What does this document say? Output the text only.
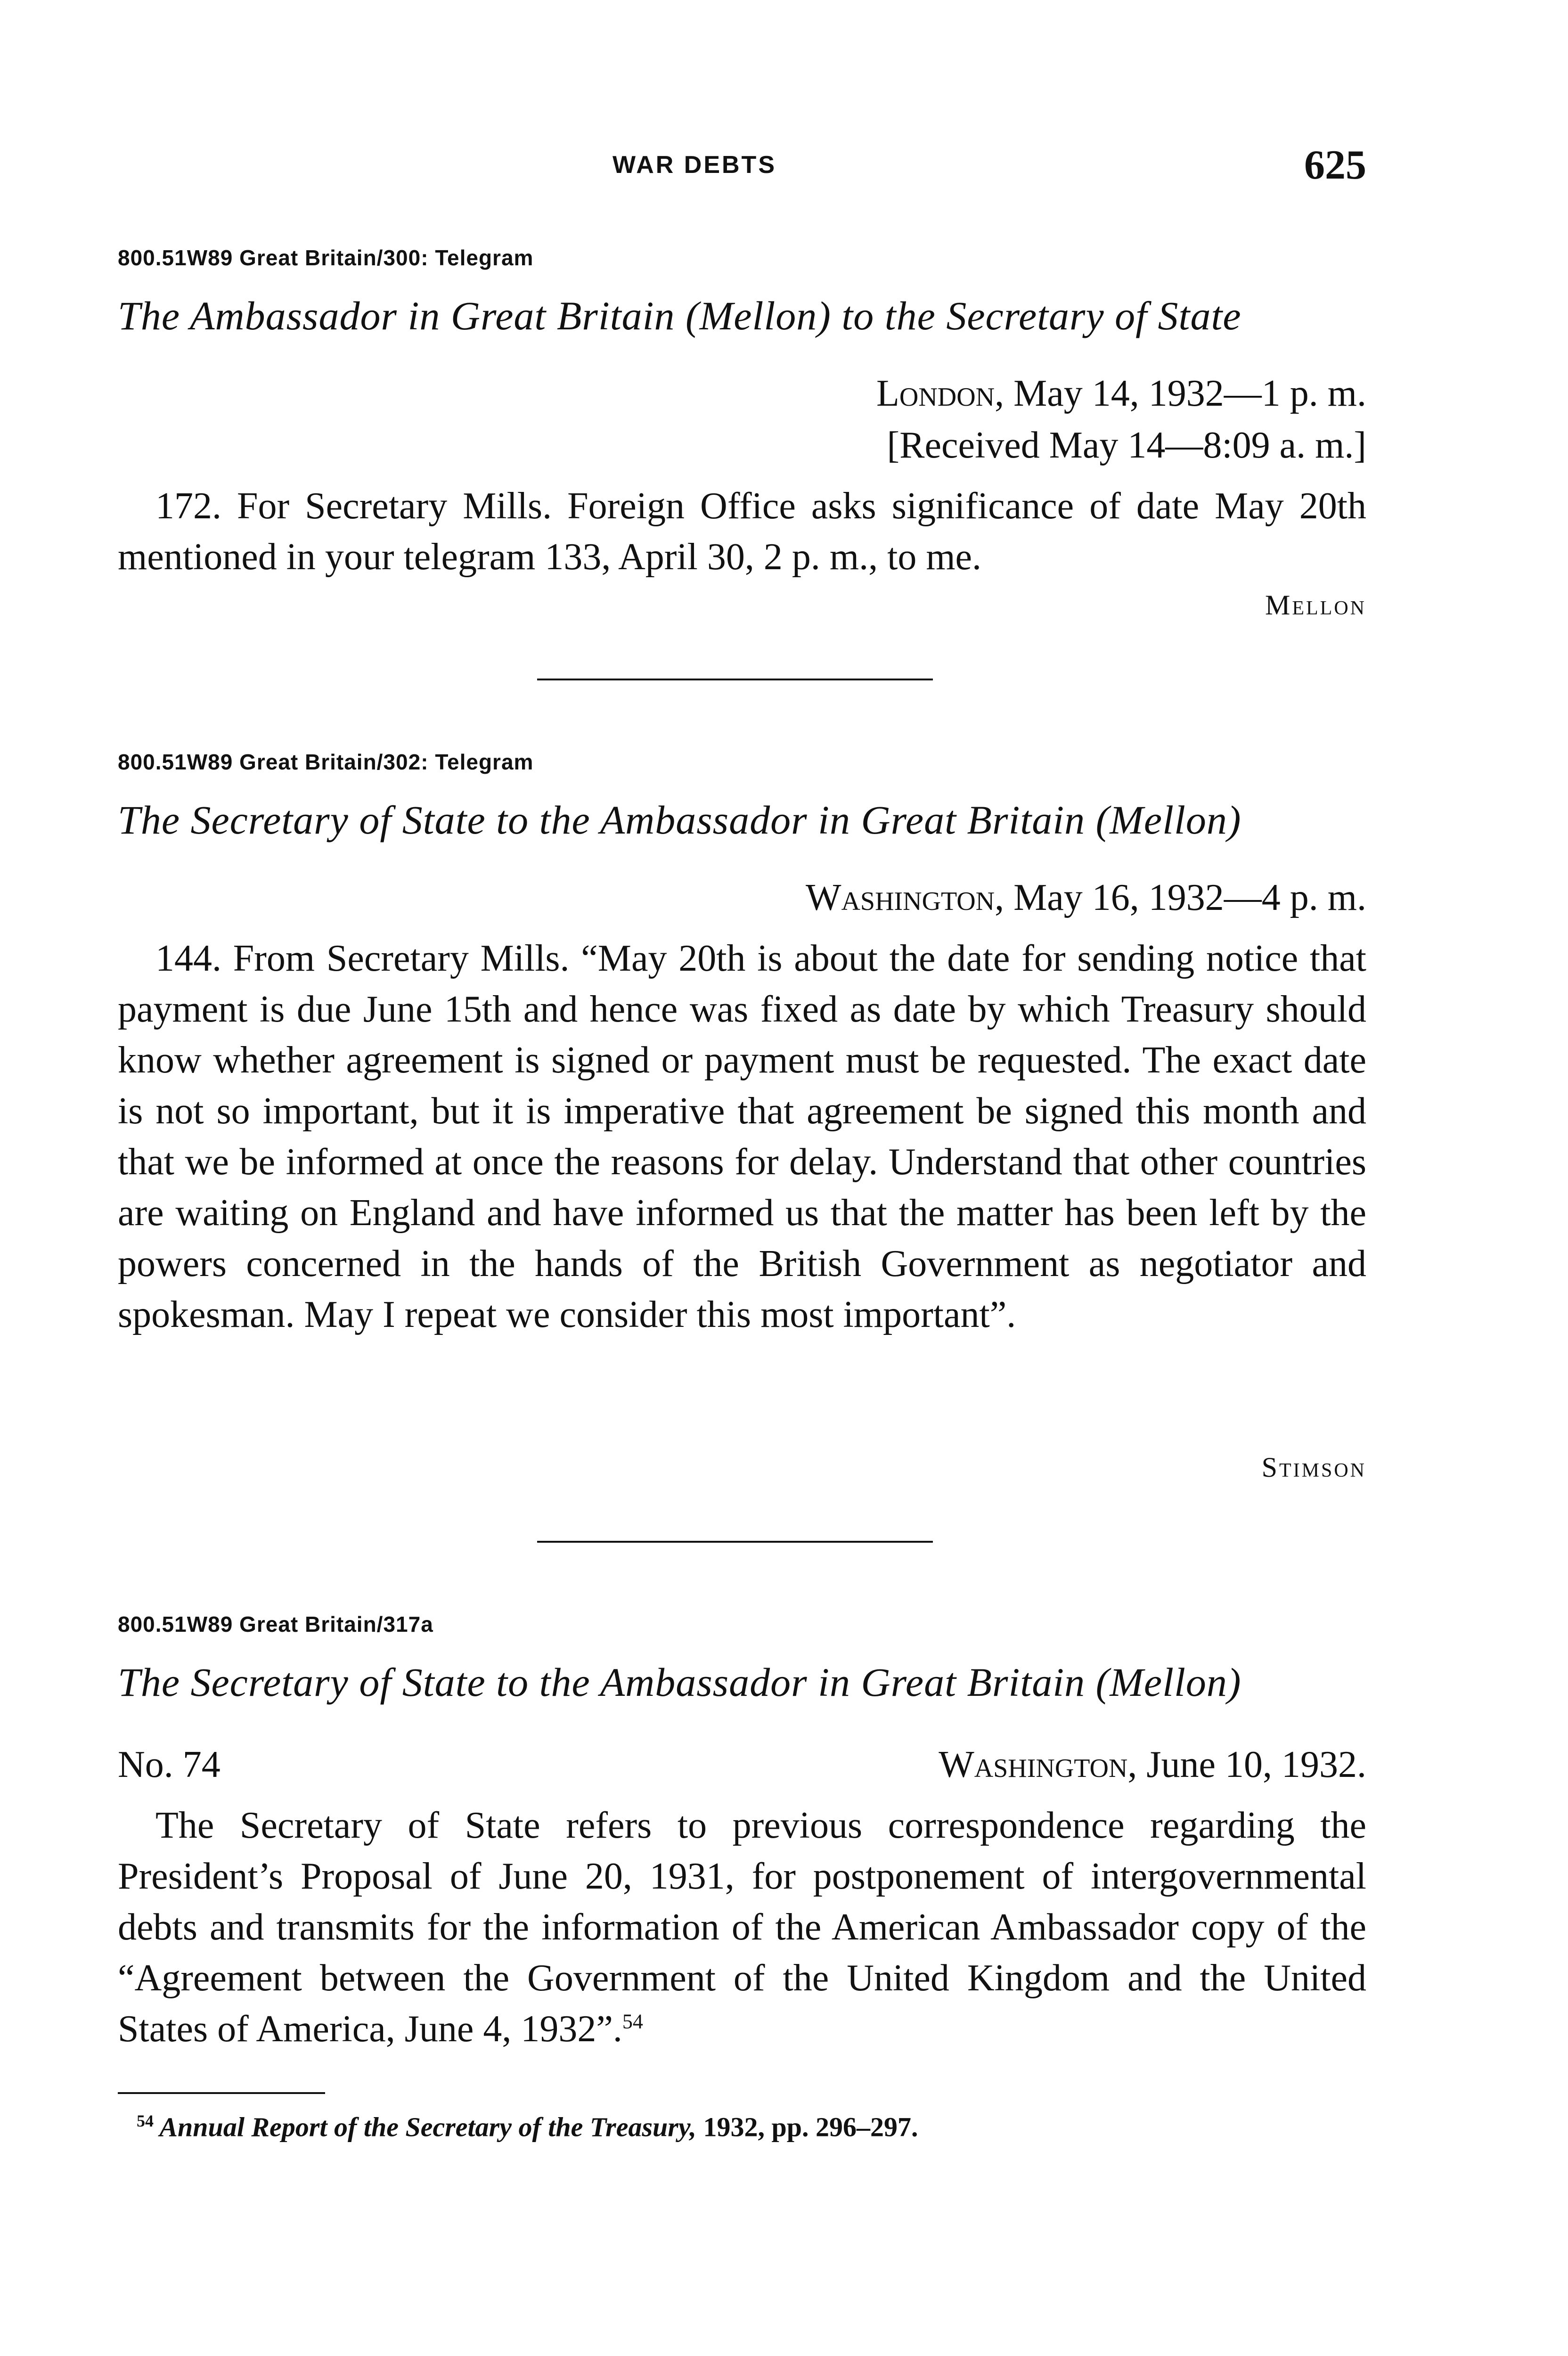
WAR DEBTS	625
800.51W89 Great Britain/300: Telegram
The Ambassador in Great Britain (Mellon) to the Secretary of State
London, May 14, 1932—1 p. m.
[Received May 14—8:09 a. m.]

172. For Secretary Mills. Foreign Office asks significance of date May 20th mentioned in your telegram 133, April 30, 2 p. m., to me.

Mellon
800.51W89 Great Britain/302: Telegram
The Secretary of State to the Ambassador in Great Britain (Mellon)
Washington, May 16, 1932—4 p. m.

144. From Secretary Mills. “May 20th is about the date for sending notice that payment is due June 15th and hence was fixed as date by which Treasury should know whether agreement is signed or payment must be requested. The exact date is not so important, but it is imperative that agreement be signed this month and that we be informed at once the reasons for delay. Understand that other countries are waiting on England and have informed us that the matter has been left by the powers concerned in the hands of the British Government as negotiator and spokesman. May I repeat we consider this most important”.

Stimson
800.51W89 Great Britain/317a
The Secretary of State to the Ambassador in Great Britain (Mellon)
No. 74	Washington, June 10, 1932.

The Secretary of State refers to previous correspondence regarding the President’s Proposal of June 20, 1931, for postponement of intergovernmental debts and transmits for the information of the American Ambassador copy of the “Agreement between the Government of the United Kingdom and the United States of America, June 4, 1932”.$^{54}$

$^{54}$ Annual Report of the Secretary of the Treasury, 1932, pp. 296–297.
